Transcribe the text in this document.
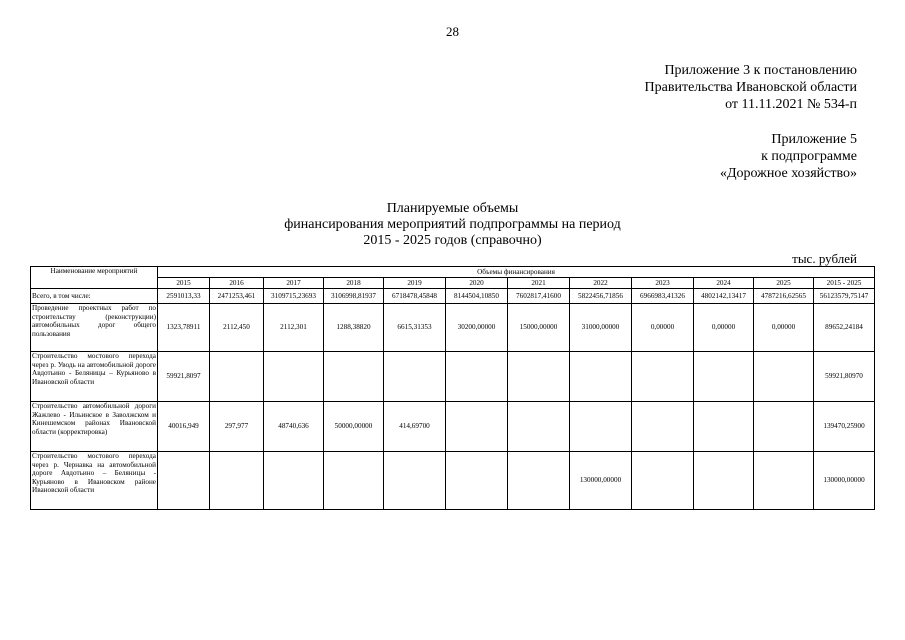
28
Приложение 3 к постановлению
Правительства Ивановской области
от 11.11.2021 № 534-п
Приложение 5
к подпрограмме
«Дорожное хозяйство»
Планируемые объемы
финансирования мероприятий подпрограммы на период
2015 - 2025 годов (справочно)
тыс. рублей
Наименование мероприятий	Объемы финансирования											
	2015	2016	2017	2018	2019	2020	2021	2022	2023	2024	2025	2015 - 2025
Всего, в том числе:	2591013,33	2471253,461	3109715,23693	3106998,81937	6718478,45848	8144504,10850	7602817,41600	5822456,71856	6966983,41326	4802142,13417	4787216,62565	56123579,75147
Проведение проектных работ по строительству (реконструкции) автомобильных дорог общего пользования	1323,78911	2112,450	2112,301	1288,38820	6615,31353	30200,00000	15000,00000	31000,00000	0,00000	0,00000	0,00000	89652,24184
Строительство мостового перехода через р. Уводь на автомобильной дороге Авдотьино - Беляницы – Курьяново в Ивановской области	59921,8097											59921,80970
Строительство автомобильной дороги Жажлево - Ильинское в Заволжском и Кинешемском районах Ивановской области (корректировка)	40016,949	297,977	48740,636	50000,00000	414,69700							139470,25900
Строительство мостового перехода через р. Чернавка на автомобильной дороге Авдотьино – Беляницы - Курьяново в Ивановском районе Ивановской области								130000,00000				130000,00000
